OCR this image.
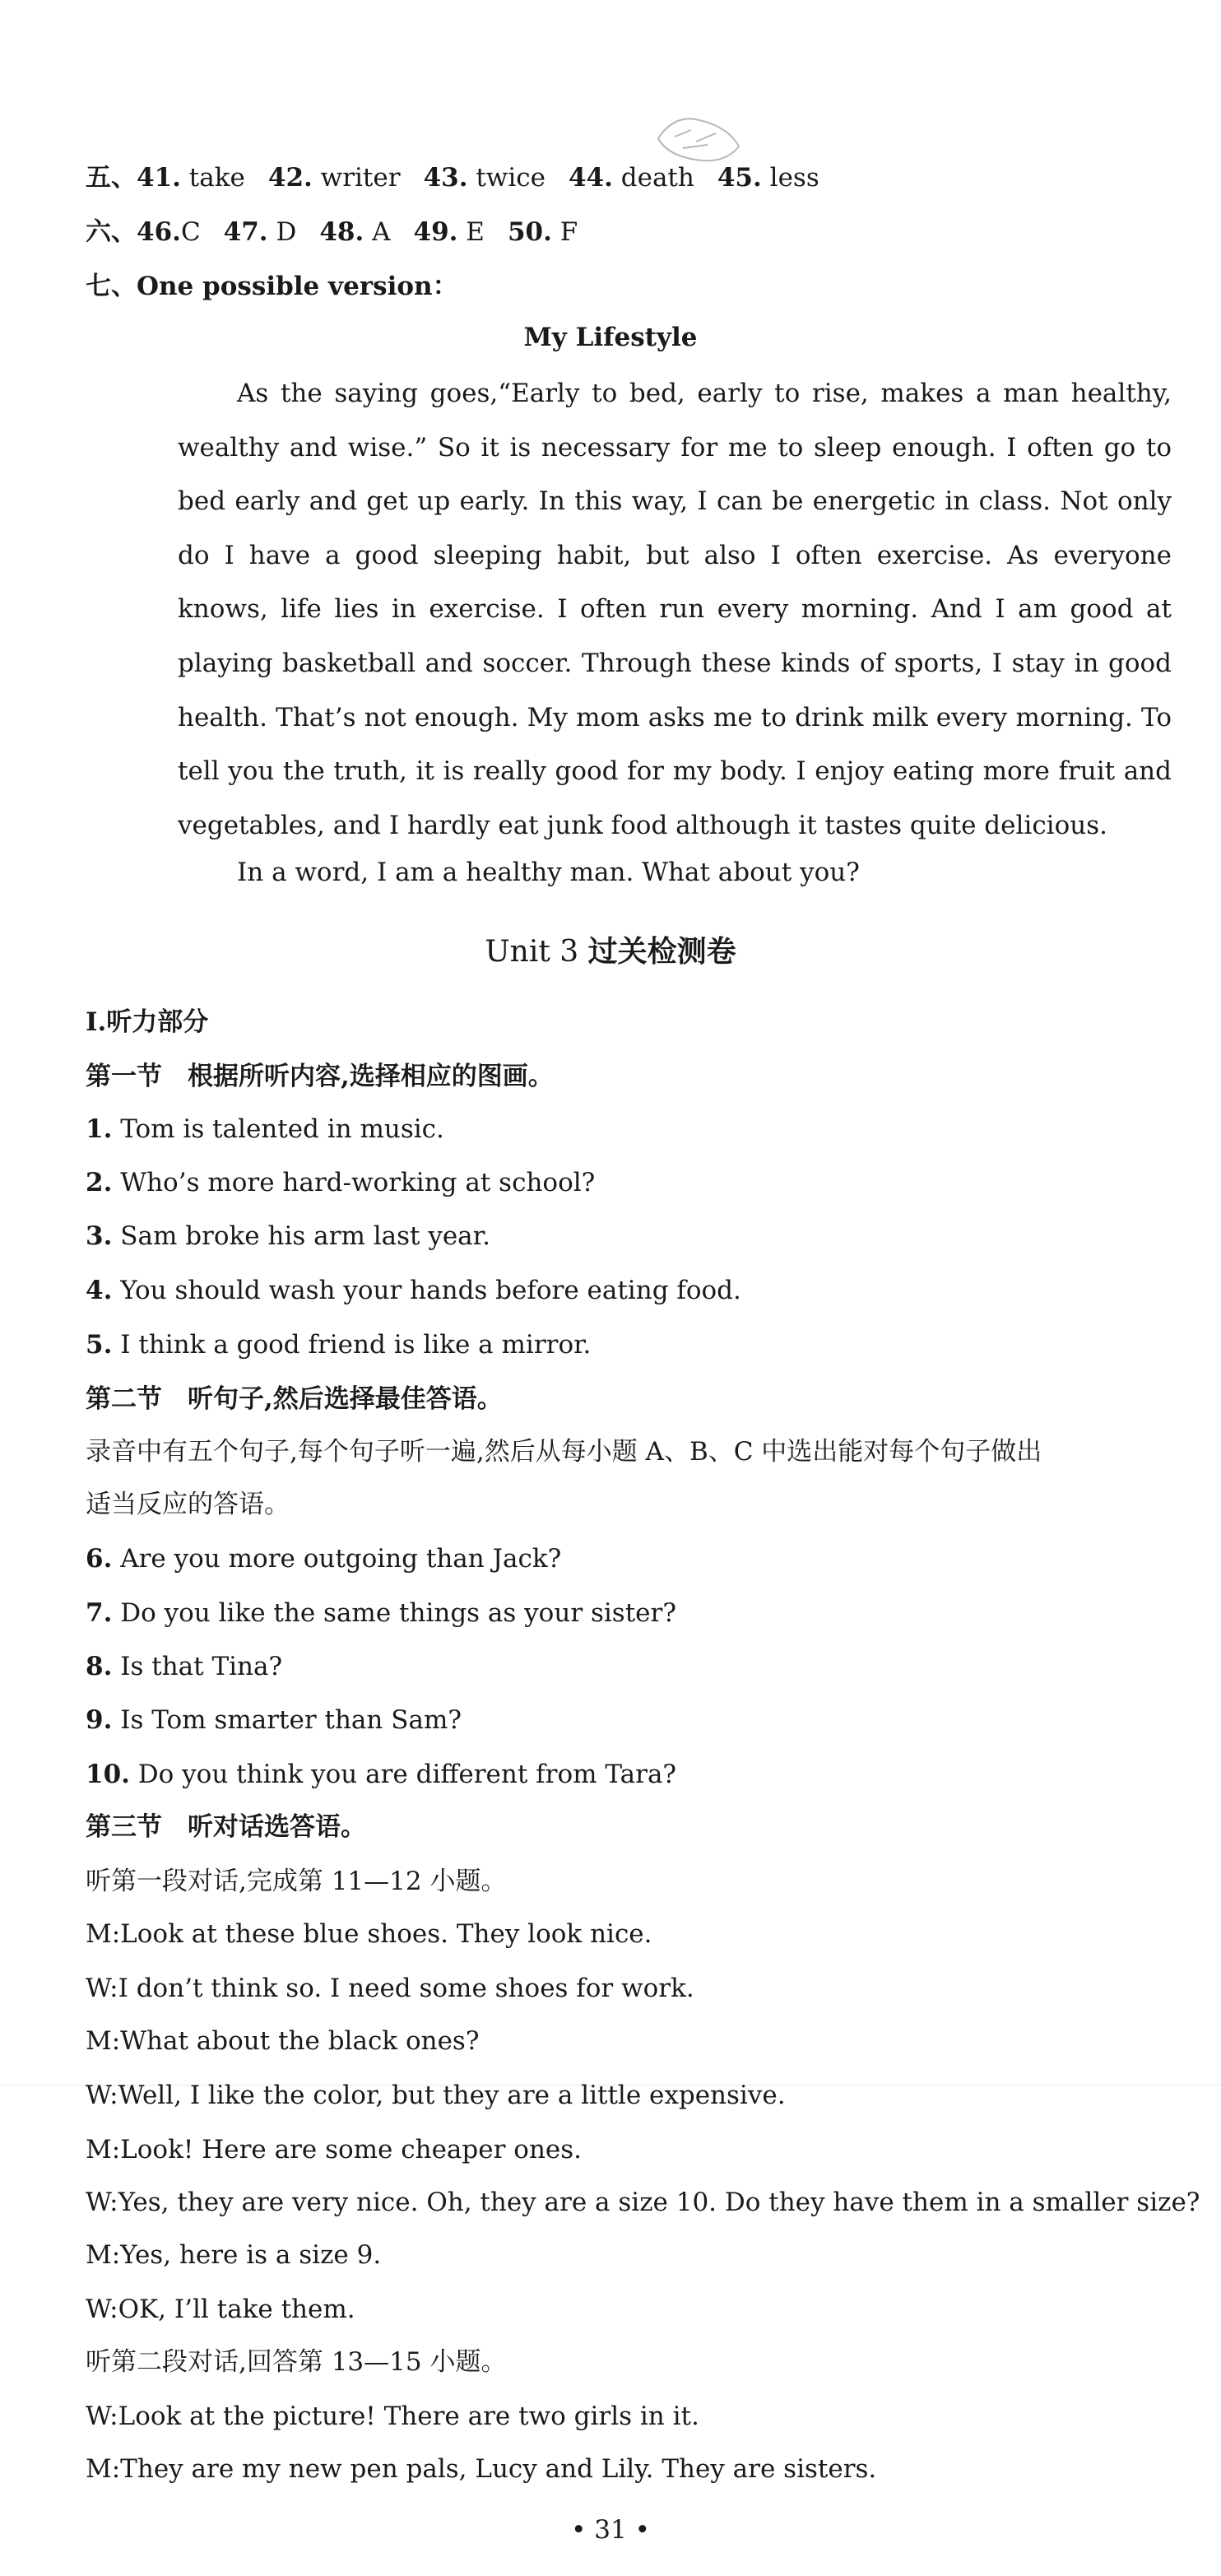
五、41. take 42. writer 43. twice 44. death 45. less
六、46.C 47. D 48. A 49. E 50. F
七、One possible version：
My Lifestyle
As the saying goes,“Early to bed, early to rise, makes a man healthy, wealthy and wise.” So it is necessary for me to sleep enough. I often go to bed early and get up early. In this way, I can be energetic in class. Not only do I have a good sleeping habit, but also I often exercise. As everyone knows, life lies in exercise. I often run every morning. And I am good at playing basketball and soccer. Through these kinds of sports, I stay in good health. That’s not enough. My mom asks me to drink milk every morning. To tell you the truth, it is really good for my body. I enjoy eating more fruit and vegetables, and I hardly eat junk food although it tastes quite delicious.
In a word, I am a healthy man. What about you?
Unit 3 过关检测卷
Ⅰ.听力部分
第一节　根据所听内容,选择相应的图画。
1. Tom is talented in music.
2. Who’s more hard-working at school?
3. Sam broke his arm last year.
4. You should wash your hands before eating food.
5. I think a good friend is like a mirror.
第二节　听句子,然后选择最佳答语。
录音中有五个句子,每个句子听一遍,然后从每小题 A、B、C 中选出能对每个句子做出
适当反应的答语。
6. Are you more outgoing than Jack?
7. Do you like the same things as your sister?
8. Is that Tina?
9. Is Tom smarter than Sam?
10. Do you think you are different from Tara?
第三节　听对话选答语。
听第一段对话,完成第 11—12 小题。
M:Look at these blue shoes. They look nice.
W:I don’t think so. I need some shoes for work.
M:What about the black ones?
W:Well, I like the color, but they are a little expensive.
M:Look! Here are some cheaper ones.
W:Yes, they are very nice. Oh, they are a size 10. Do they have them in a smaller size?
M:Yes, here is a size 9.
W:OK, I’ll take them.
听第二段对话,回答第 13—15 小题。
W:Look at the picture! There are two girls in it.
M:They are my new pen pals, Lucy and Lily. They are sisters.
• 31 •
